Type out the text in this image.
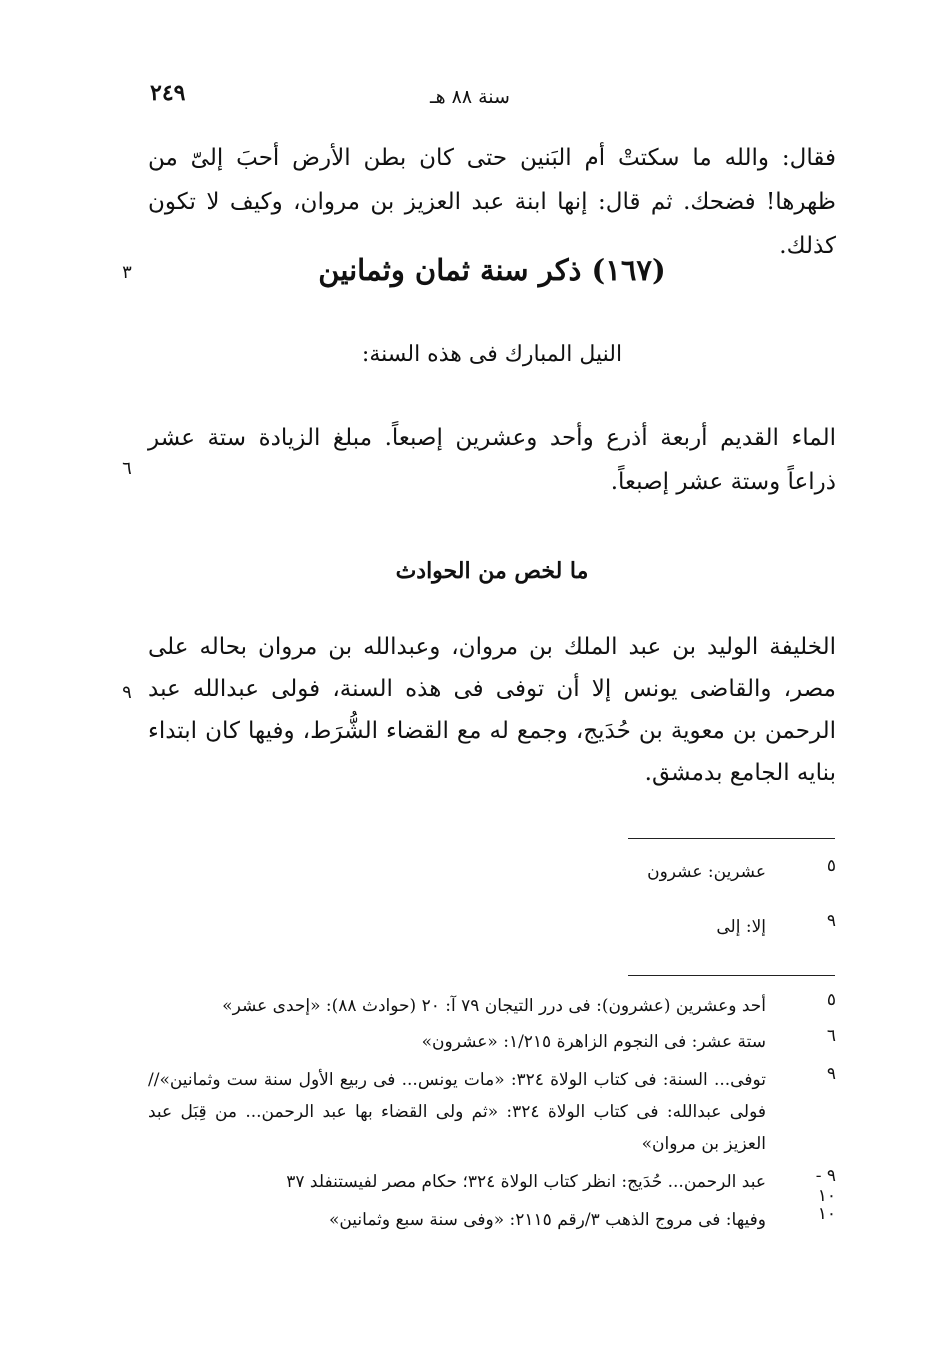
٢٤٩	سنة ٨٨ هـ
فقال: والله ما سكتتْ أم البَنين حتى كان بطن الأرض أحبَ إلىّ من ظهرها! فضحك. ثم قال: إنها ابنة عبد العزيز بن مروان، وكيف لا تكون كذلك.
(١٦٧) ذكر سنة ثمان وثمانين
٣
النيل المبارك فى هذه السنة:
الماء القديم أربعة أذرع وأحد وعشرين إصبعاً. مبلغ الزيادة ستة عشر ذراعاً وستة عشر إصبعاً.
٦
ما لخص من الحوادث
الخليفة الوليد بن عبد الملك بن مروان، وعبدالله بن مروان بحاله على مصر، والقاضى يونس إلا أن توفى فى هذه السنة، فولى عبدالله عبد الرحمن بن معوية بن حُدَيج، وجمع له مع القضاء الشُّرَط، وفيها كان ابتداء بنايه الجامع بدمشق.
٩
٥
عشرين: عشرون
٩
إلا: إلى
٥
أحد وعشرين (عشرون): فى درر التيجان ٧٩ آ: ٢٠ (حوادث ٨٨): «إحدى عشر»
٦
ستة عشر: فى النجوم الزاهرة ١/٢١٥: «عشرون»
٩
توفى... السنة: فى كتاب الولاة ٣٢٤: «مات يونس... فى ربيع الأول سنة ست وثمانين»// فولى عبدالله: فى كتاب الولاة ٣٢٤: «ثم ولى القضاء بها عبد الرحمن... من قِبَل عبد العزيز بن مروان»
٩ - ١٠
عبد الرحمن... حُدَيج: انظر كتاب الولاة ٣٢٤؛ حكام مصر لفيستنفلد ٣٧
١٠
وفيها: فى مروج الذهب ٣/رقم ٢١١٥: «وفى سنة سبع وثمانين»
